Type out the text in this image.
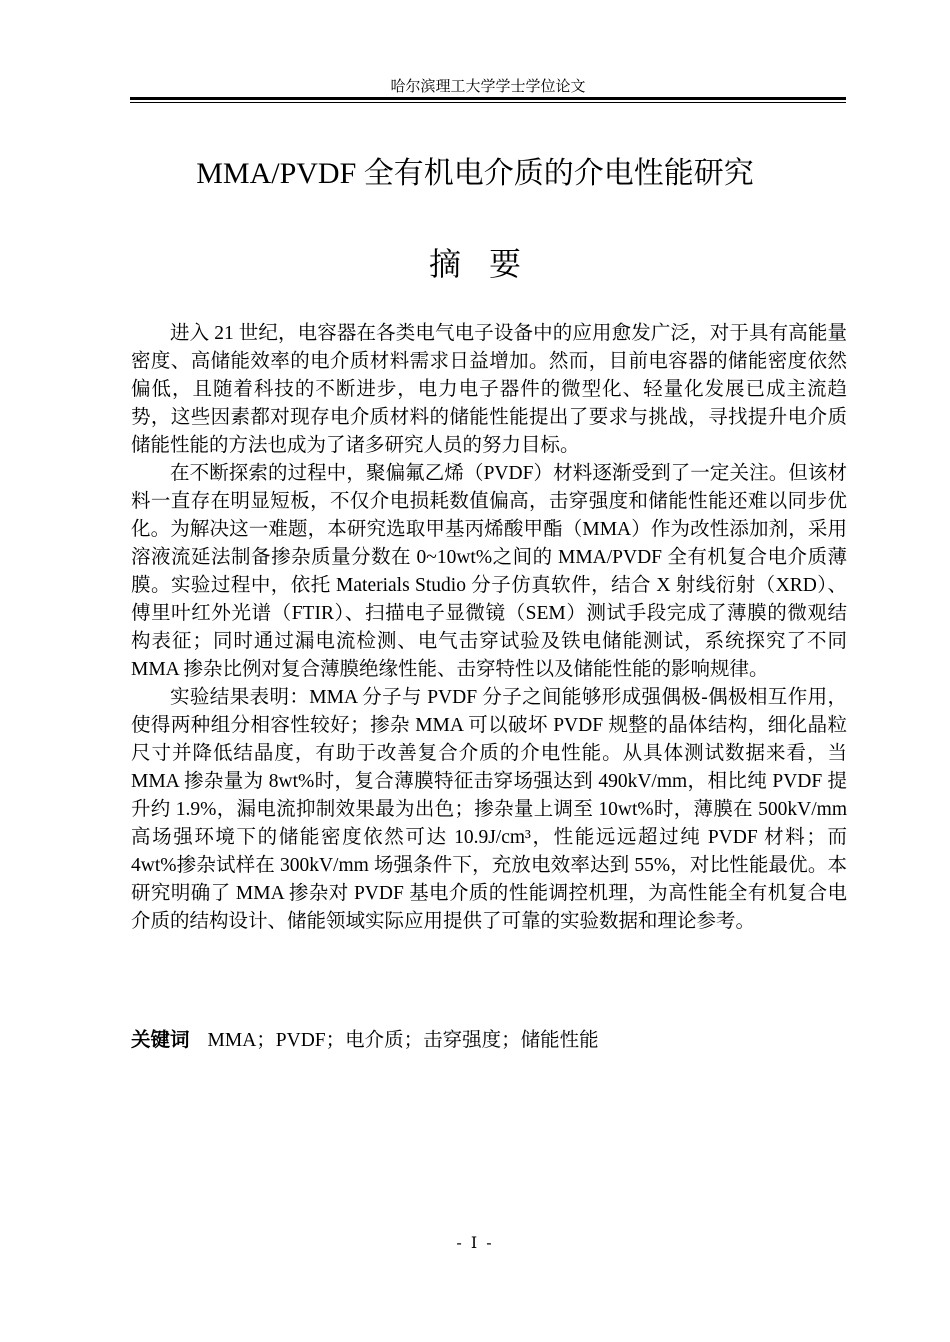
哈尔滨理工大学学士学位论文
MMA/PVDF 全有机电介质的介电性能研究
摘要

进入 21 世纪，电容器在各类电气电子设备中的应用愈发广泛，对于具有高能量密度、高储能效率的电介质材料需求日益增加。然而，目前电容器的储能密度依然偏低，且随着科技的不断进步，电力电子器件的微型化、轻量化发展已成主流趋势，这些因素都对现存电介质材料的储能性能提出了要求与挑战，寻找提升电介质储能性能的方法也成为了诸多研究人员的努力目标。

在不断探索的过程中，聚偏氟乙烯（PVDF）材料逐渐受到了一定关注。但该材料一直存在明显短板，不仅介电损耗数值偏高，击穿强度和储能性能还难以同步优化。为解决这一难题，本研究选取甲基丙烯酸甲酯（MMA）作为改性添加剂，采用溶液流延法制备掺杂质量分数在 0~10wt%之间的 MMA/PVDF 全有机复合电介质薄膜。实验过程中，依托 Materials Studio 分子仿真软件，结合 X 射线衍射（XRD）、傅里叶红外光谱（FTIR）、扫描电子显微镜（SEM）测试手段完成了薄膜的微观结构表征；同时通过漏电流检测、电气击穿试验及铁电储能测试，系统探究了不同 MMA 掺杂比例对复合薄膜绝缘性能、击穿特性以及储能性能的影响规律。

实验结果表明：MMA 分子与 PVDF 分子之间能够形成强偶极-偶极相互作用，使得两种组分相容性较好；掺杂 MMA 可以破坏 PVDF 规整的晶体结构，细化晶粒尺寸并降低结晶度，有助于改善复合介质的介电性能。从具体测试数据来看，当 MMA 掺杂量为 8wt%时，复合薄膜特征击穿场强达到 490kV/mm，相比纯 PVDF 提升约 1.9%，漏电流抑制效果最为出色；掺杂量上调至 10wt%时，薄膜在 500kV/mm 高场强环境下的储能密度依然可达 10.9J/cm³，性能远远超过纯 PVDF 材料；而 4wt%掺杂试样在 300kV/mm 场强条件下，充放电效率达到 55%，对比性能最优。本研究明确了 MMA 掺杂对 PVDF 基电介质的性能调控机理，为高性能全有机复合电介质的结构设计、储能领域实际应用提供了可靠的实验数据和理论参考。

关键词 MMA；PVDF；电介质；击穿强度；储能性能
- I -
